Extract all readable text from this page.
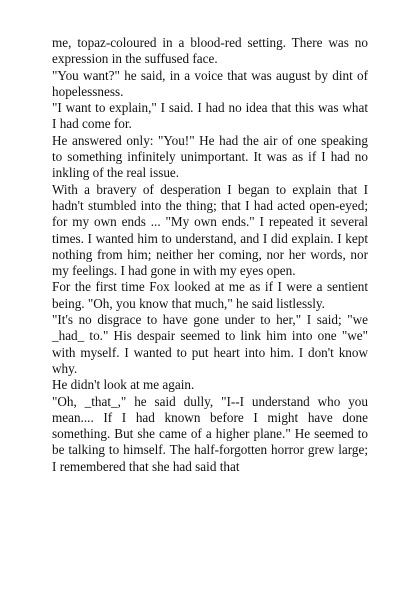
me, topaz-coloured in a blood-red setting. There was no expression in the suffused face.

"You want?" he said, in a voice that was august by dint of hopelessness.

"I want to explain," I said. I had no idea that this was what I had come for.

He answered only: "You!" He had the air of one speaking to something infinitely unimportant. It was as if I had no inkling of the real issue.

With a bravery of desperation I began to explain that I hadn't stumbled into the thing; that I had acted open-eyed; for my own ends ... "My own ends." I repeated it several times. I wanted him to understand, and I did explain. I kept nothing from him; neither her coming, nor her words, nor my feelings. I had gone in with my eyes open.

For the first time Fox looked at me as if I were a sentient being. "Oh, you know that much," he said listlessly.

"It's no disgrace to have gone under to her," I said; "we _had_ to." His despair seemed to link him into one "we" with myself. I wanted to put heart into him. I don't know why.

He didn't look at me again.

"Oh, _that_," he said dully, "I--I understand who you mean.... If I had known before I might have done something. But she came of a higher plane." He seemed to be talking to himself. The half-forgotten horror grew large; I remembered that she had said that
